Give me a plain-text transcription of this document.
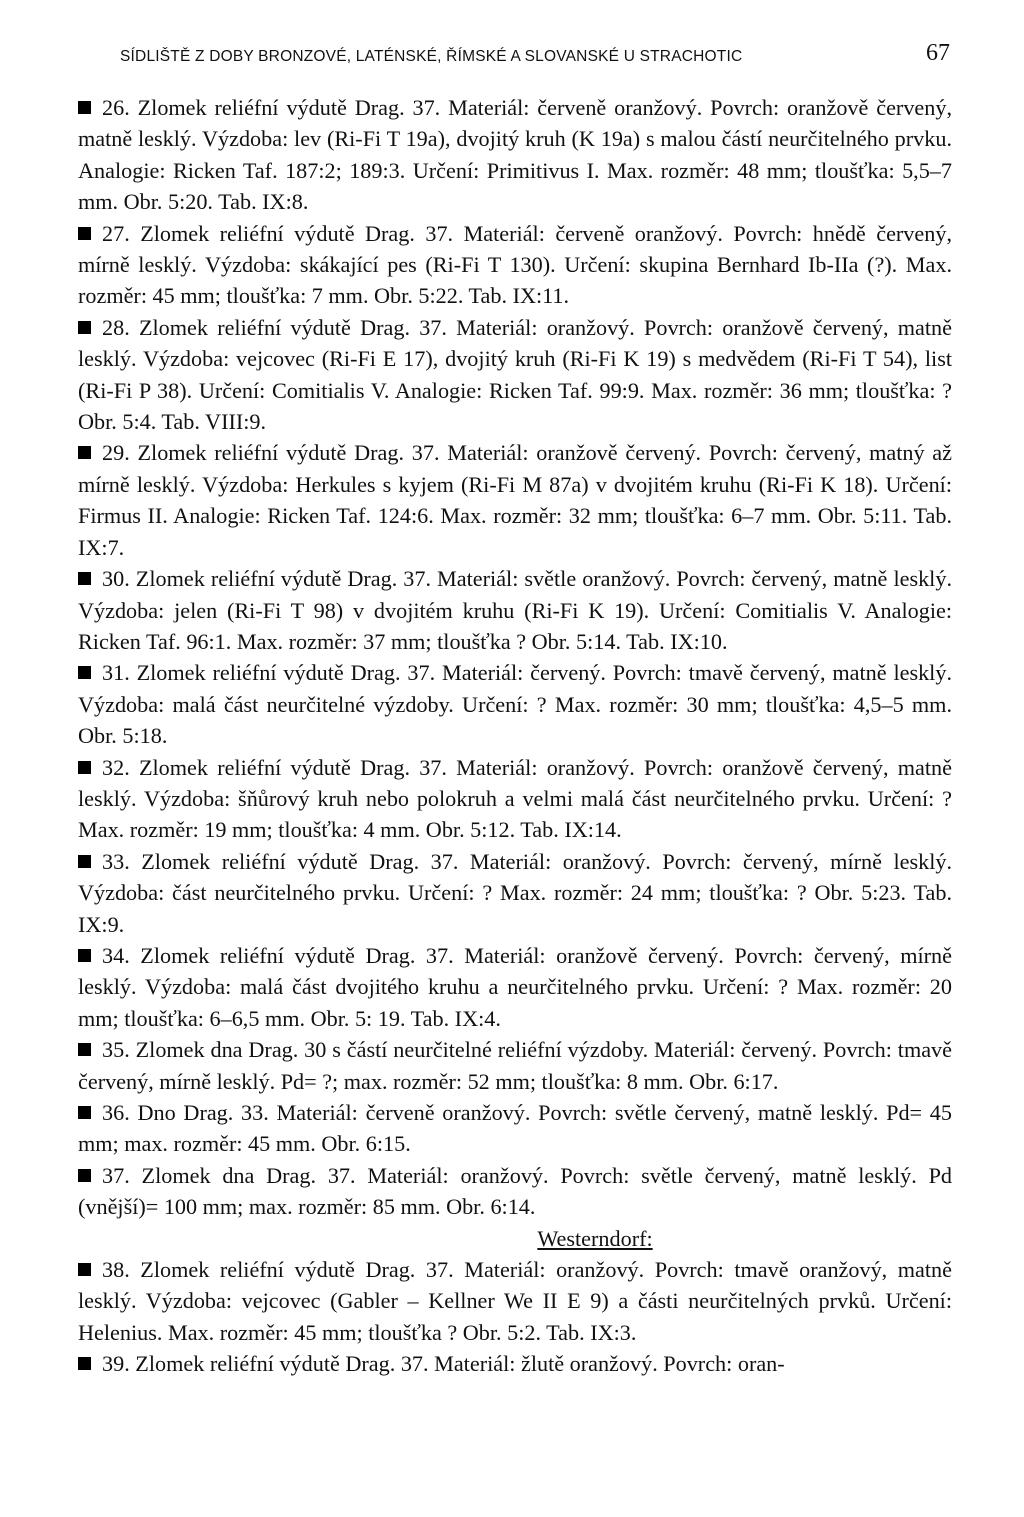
SÍDLIŠTĚ Z DOBY BRONZOVÉ, LATÉNSKÉ, ŘÍMSKÉ A SLOVANSKÉ U STRACHOTIC	67

26. Zlomek reliéfní výdutě Drag. 37. Materiál: červeně oranžový. Povrch: oranžově červený, matně lesklý. Výzdoba: lev (Ri-Fi T 19a), dvojitý kruh (K 19a) s malou částí neurčitelného prvku. Analogie: Ricken Taf. 187:2; 189:3. Určení: Primitivus I. Max. rozměr: 48 mm; tloušťka: 5,5–7 mm. Obr. 5:20. Tab. IX:8.

27. Zlomek reliéfní výdutě Drag. 37. Materiál: červeně oranžový. Povrch: hnědě červený, mírně lesklý. Výzdoba: skákající pes (Ri-Fi T 130). Určení: skupina Bernhard Ib-IIa (?). Max. rozměr: 45 mm; tloušťka: 7 mm. Obr. 5:22. Tab. IX:11.

28. Zlomek reliéfní výdutě Drag. 37. Materiál: oranžový. Povrch: oranžově červený, matně lesklý. Výzdoba: vejcovec (Ri-Fi E 17), dvojitý kruh (Ri-Fi K 19) s medvědem (Ri-Fi T 54), list (Ri-Fi P 38). Určení: Comitialis V. Analogie: Ricken Taf. 99:9. Max. rozměr: 36 mm; tloušťka: ? Obr. 5:4. Tab. VIII:9.

29. Zlomek reliéfní výdutě Drag. 37. Materiál: oranžově červený. Povrch: červený, matný až mírně lesklý. Výzdoba: Herkules s kyjem (Ri-Fi M 87a) v dvojitém kruhu (Ri-Fi K 18). Určení: Firmus II. Analogie: Ricken Taf. 124:6. Max. rozměr: 32 mm; tloušťka: 6–7 mm. Obr. 5:11. Tab. IX:7.

30. Zlomek reliéfní výdutě Drag. 37. Materiál: světle oranžový. Povrch: červený, matně lesklý. Výzdoba: jelen (Ri-Fi T 98) v dvojitém kruhu (Ri-Fi K 19). Určení: Comitialis V. Analogie: Ricken Taf. 96:1. Max. rozměr: 37 mm; tloušťka ? Obr. 5:14. Tab. IX:10.

31. Zlomek reliéfní výdutě Drag. 37. Materiál: červený. Povrch: tmavě červený, matně lesklý. Výzdoba: malá část neurčitelné výzdoby. Určení: ? Max. rozměr: 30 mm; tloušťka: 4,5–5 mm. Obr. 5:18.

32. Zlomek reliéfní výdutě Drag. 37. Materiál: oranžový. Povrch: oranžově červený, matně lesklý. Výzdoba: šňůrový kruh nebo polokruh a velmi malá část neurčitelného prvku. Určení: ? Max. rozměr: 19 mm; tloušťka: 4 mm. Obr. 5:12. Tab. IX:14.

33. Zlomek reliéfní výdutě Drag. 37. Materiál: oranžový. Povrch: červený, mírně lesklý. Výzdoba: část neurčitelného prvku. Určení: ? Max. rozměr: 24 mm; tloušťka: ? Obr. 5:23. Tab. IX:9.

34. Zlomek reliéfní výdutě Drag. 37. Materiál: oranžově červený. Povrch: červený, mírně lesklý. Výzdoba: malá část dvojitého kruhu a neurčitelného prvku. Určení: ? Max. rozměr: 20 mm; tloušťka: 6–6,5 mm. Obr. 5: 19. Tab. IX:4.

35. Zlomek dna Drag. 30 s částí neurčitelné reliéfní výzdoby. Materiál: červený. Povrch: tmavě červený, mírně lesklý. Pd= ?; max. rozměr: 52 mm; tloušťka: 8 mm. Obr. 6:17.

36. Dno Drag. 33. Materiál: červeně oranžový. Povrch: světle červený, matně lesklý. Pd= 45 mm; max. rozměr: 45 mm. Obr. 6:15.

37. Zlomek dna Drag. 37. Materiál: oranžový. Povrch: světle červený, matně lesklý. Pd (vnější)= 100 mm; max. rozměr: 85 mm. Obr. 6:14.

Westerndorf:

38. Zlomek reliéfní výdutě Drag. 37. Materiál: oranžový. Povrch: tmavě oranžový, matně lesklý. Výzdoba: vejcovec (Gabler – Kellner We II E 9) a části neurčitelných prvků. Určení: Helenius. Max. rozměr: 45 mm; tloušťka ? Obr. 5:2. Tab. IX:3.

39. Zlomek reliéfní výdutě Drag. 37. Materiál: žlutě oranžový. Povrch: oran-
